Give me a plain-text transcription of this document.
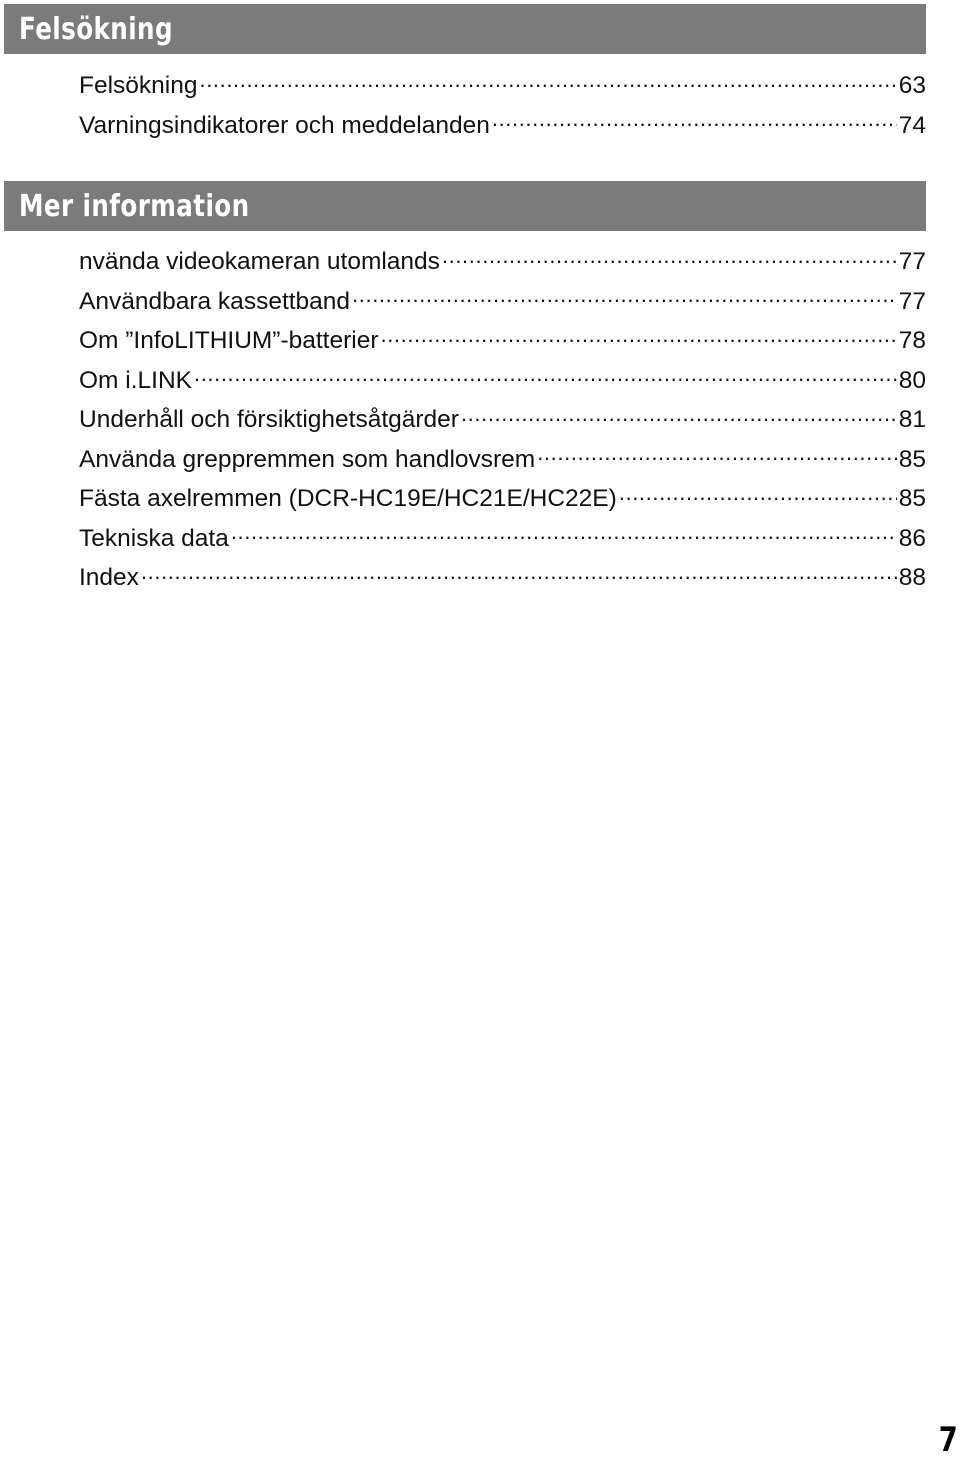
Felsökning
Felsökning .....	63
Varningsindikatorer och meddelanden .....	74
Mer information
nvända videokameran utomlands .....	77
Användbara kassettband .....	77
Om ”InfoLITHIUM”-batterier .....	78
Om i.LINK .....	80
Underhåll och försiktighetsåtgärder .....	81
Använda greppremmen som handlovsrem .....	85
Fästa axelremmen (DCR-HC19E/HC21E/HC22E) .....	85
Tekniska data .....	86
Index .....	88
7
